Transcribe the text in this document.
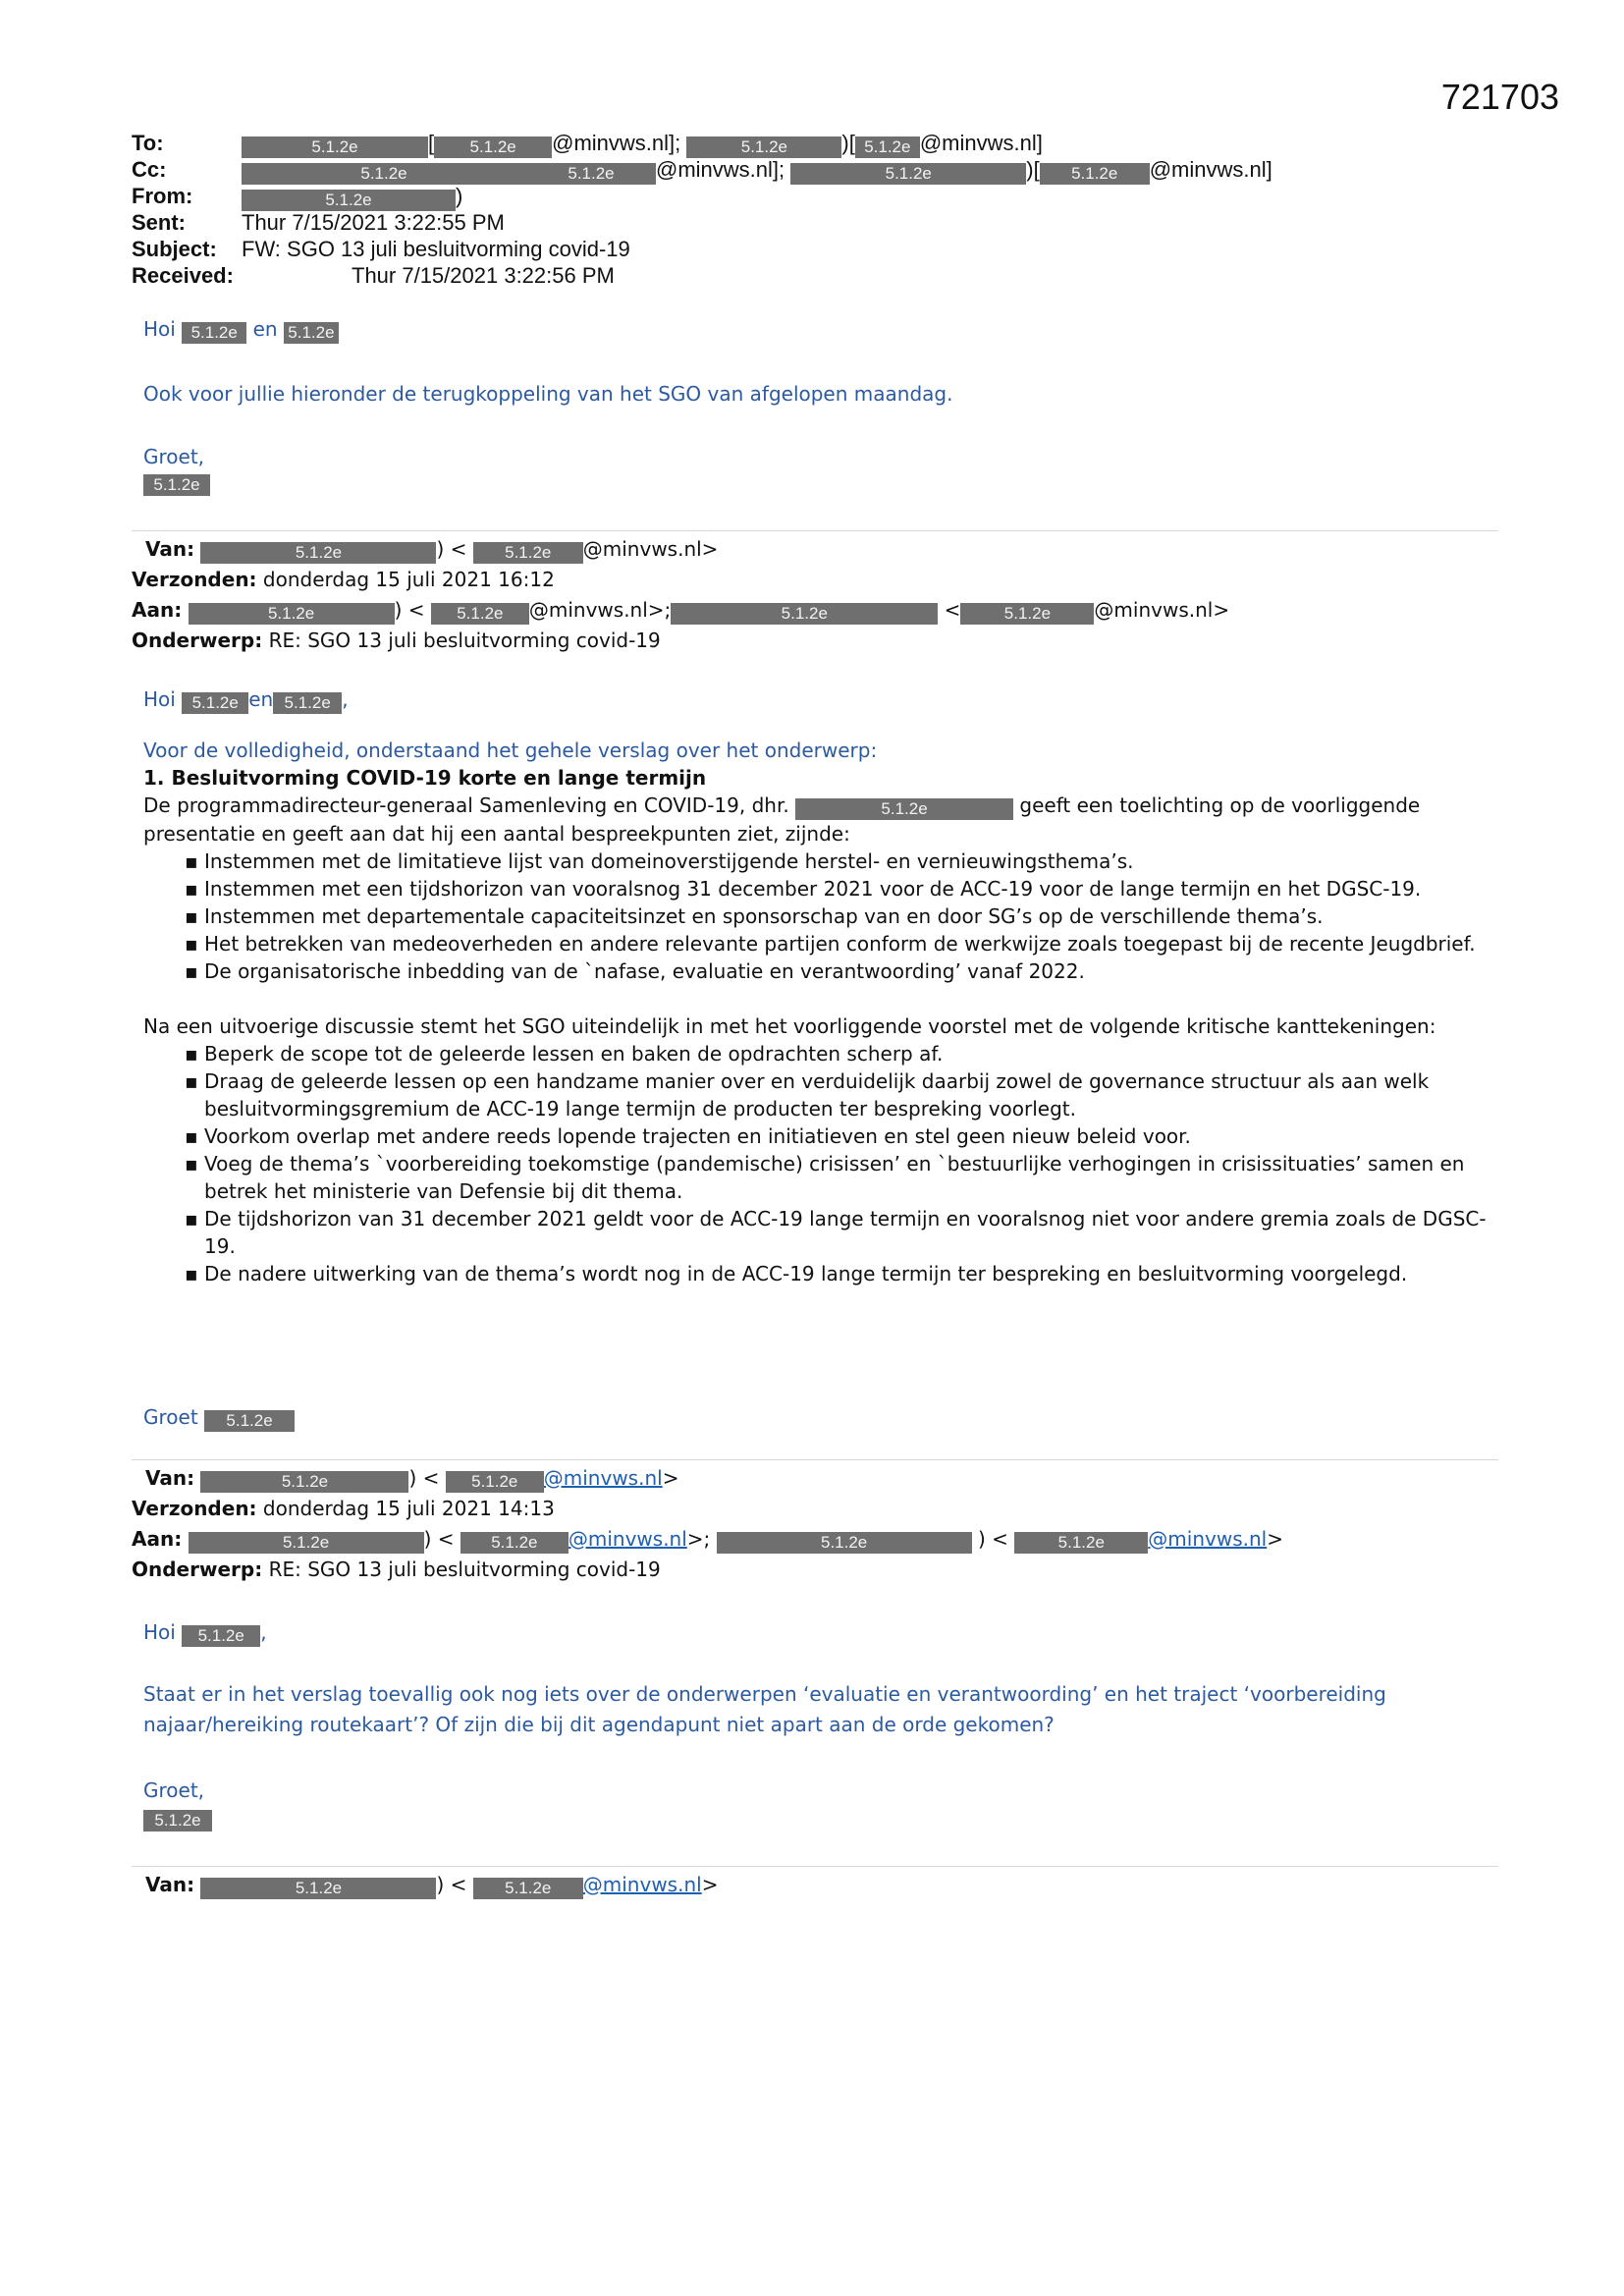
721703
To:	5.1.2e	[ 5.1.2e @minvws.nl];	5.1.2e	)[ 5.1.2e @minvws.nl]
Cc:	5.1.2e	5.1.2e @minvws.nl];	5.1.2e	)[ 5.1.2e @minvws.nl]
From:	5.1.2e	)
Sent:	Thur 7/15/2021 3:22:55 PM
Subject: FW: SGO 13 juli besluitvorming covid-19
Received:	Thur 7/15/2021 3:22:56 PM
Hoi 5.1.2e en 5.1.2e
Ook voor jullie hieronder de terugkoppeling van het SGO van afgelopen maandag.
Groet,
5.1.2e
Van:	5.1.2e	) < 5.1.2e @minvws.nl>
Verzonden: donderdag 15 juli 2021 16:12
Aan:	5.1.2e	) < 5.1.2e @minvws.nl>;	5.1.2e	<	5.1.2e @minvws.nl>
Onderwerp: RE: SGO 13 juli besluitvorming covid-19
Hoi 5.1.2e en 5.1.2e ,

Voor de volledigheid, onderstaand het gehele verslag over het onderwerp:

1. Besluitvorming COVID-19 korte en lange termijn

De programmadirecteur-generaal Samenleving en COVID-19, dhr.	5.1.2e	geeft een toelichting op de voorliggende presentatie en geeft aan dat hij een aantal bespreekpunten ziet, zijnde:

▪ Instemmen met de limitatieve lijst van domeinoverstijgende herstel- en vernieuwingsthema’s.
▪ Instemmen met een tijdshorizon van vooralsnog 31 december 2021 voor de ACC-19 voor de lange termijn en het DGSC-19.
▪ Instemmen met departementale capaciteitsinzet en sponsorschap van en door SG’s op de verschillende thema’s.
▪ Het betrekken van medeoverheden en andere relevante partijen conform de werkwijze zoals toegepast bij de recente Jeugdbrief.
▪ De organisatorische inbedding van de `nafase, evaluatie en verantwoording’ vanaf 2022.

Na een uitvoerige discussie stemt het SGO uiteindelijk in met het voorliggende voorstel met de volgende kritische kanttekeningen:

▪ Beperk de scope tot de geleerde lessen en baken de opdrachten scherp af.
▪ Draag de geleerde lessen op een handzame manier over en verduidelijk daarbij zowel de governance structuur als aan welk besluitvormingsgremium de ACC-19 lange termijn de producten ter bespreking voorlegt.
▪ Voorkom overlap met andere reeds lopende trajecten en initiatieven en stel geen nieuw beleid voor.
▪ Voeg de thema’s `voorbereiding toekomstige (pandemische) crisissen’ en `bestuurlijke verhogingen in crisissituaties’ samen en betrek het ministerie van Defensie bij dit thema.
▪ De tijdshorizon van 31 december 2021 geldt voor de ACC-19 lange termijn en vooralsnog niet voor andere gremia zoals de DGSC-19.
▪ De nadere uitwerking van de thema’s wordt nog in de ACC-19 lange termijn ter bespreking en besluitvorming voorgelegd.
Groet 5.1.2e
Van:	5.1.2e	) < 5.1.2e @minvws.nl>
Verzonden: donderdag 15 juli 2021 14:13
Aan:	5.1.2e	) < 5.1.2e @minvws.nl>;	5.1.2e	) <	5.1.2e @minvws.nl>
Onderwerp: RE: SGO 13 juli besluitvorming covid-19
Hoi 5.1.2e ,
Staat er in het verslag toevallig ook nog iets over de onderwerpen ‘evaluatie en verantwoording’ en het traject ‘voorbereiding najaar/hereiking routekaart’? Of zijn die bij dit agendapunt niet apart aan de orde gekomen?
Groet,
5.1.2e
Van:	5.1.2e	) < 5.1.2e @minvws.nl>
